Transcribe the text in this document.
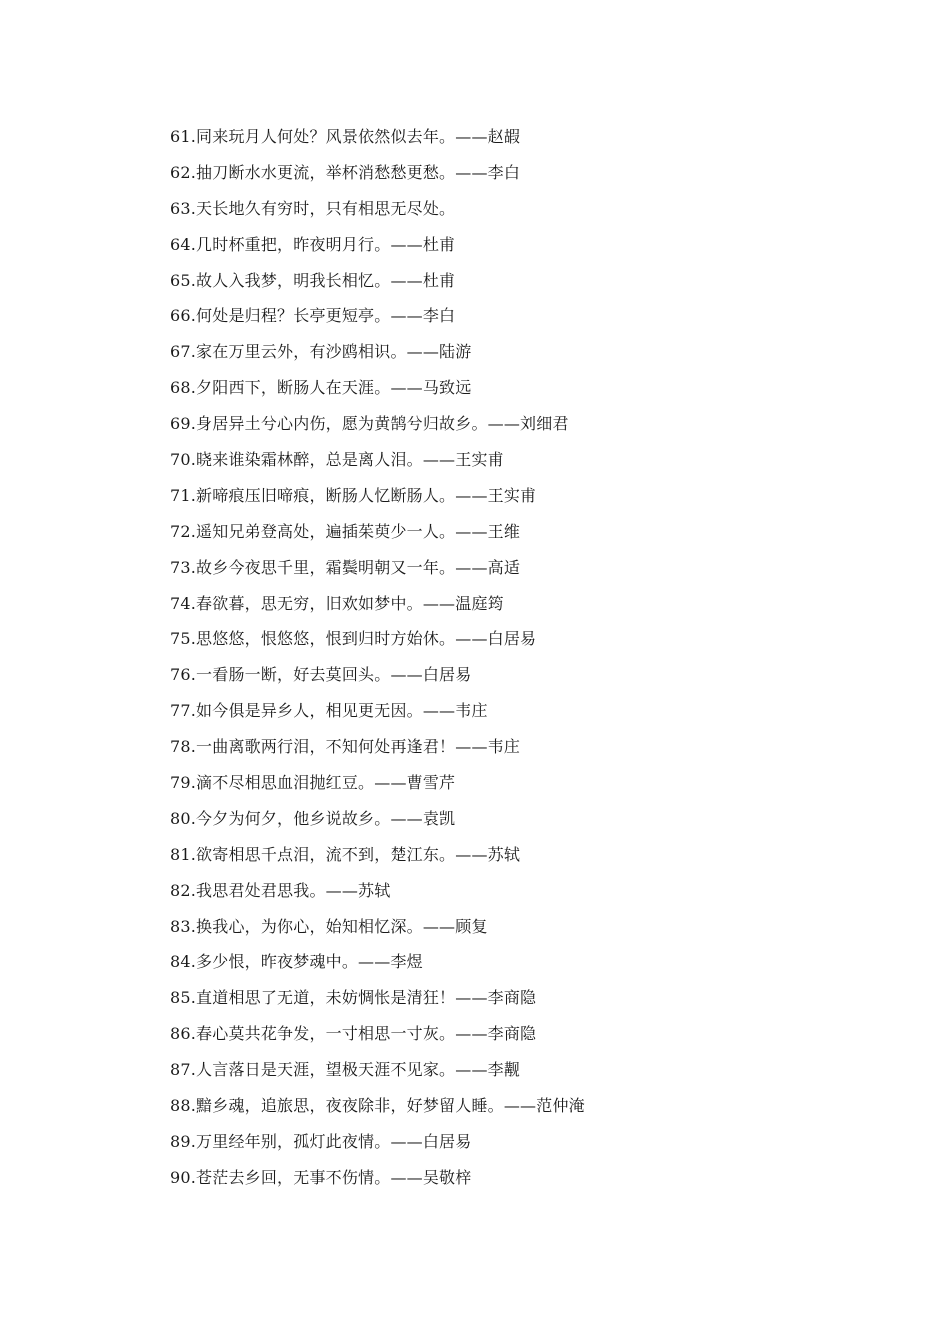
61.同来玩月人何处？风景依然似去年。——赵嘏
62.抽刀断水水更流，举杯消愁愁更愁。——李白
63.天长地久有穷时，只有相思无尽处。
64.几时杯重把，昨夜明月行。——杜甫
65.故人入我梦，明我长相忆。——杜甫
66.何处是归程？长亭更短亭。——李白
67.家在万里云外，有沙鸥相识。——陆游
68.夕阳西下，断肠人在天涯。——马致远
69.身居异土兮心内伤，愿为黄鹄兮归故乡。——刘细君
70.晓来谁染霜林醉，总是离人泪。——王实甫
71.新啼痕压旧啼痕，断肠人忆断肠人。——王实甫
72.遥知兄弟登高处，遍插茱萸少一人。——王维
73.故乡今夜思千里，霜鬓明朝又一年。——高适
74.春欲暮，思无穷，旧欢如梦中。——温庭筠
75.思悠悠，恨悠悠，恨到归时方始休。——白居易
76.一看肠一断，好去莫回头。——白居易
77.如今俱是异乡人，相见更无因。——韦庄
78.一曲离歌两行泪，不知何处再逢君！——韦庄
79.滴不尽相思血泪抛红豆。——曹雪芹
80.今夕为何夕，他乡说故乡。——袁凯
81.欲寄相思千点泪，流不到，楚江东。——苏轼
82.我思君处君思我。——苏轼
83.换我心，为你心，始知相忆深。——顾复
84.多少恨，昨夜梦魂中。——李煜
85.直道相思了无道，未妨惆怅是清狂！——李商隐
86.春心莫共花争发，一寸相思一寸灰。——李商隐
87.人言落日是天涯，望极天涯不见家。——李觏
88.黯乡魂，追旅思，夜夜除非，好梦留人睡。——范仲淹
89.万里经年别，孤灯此夜情。——白居易
90.苍茫去乡回，无事不伤情。——吴敬梓
